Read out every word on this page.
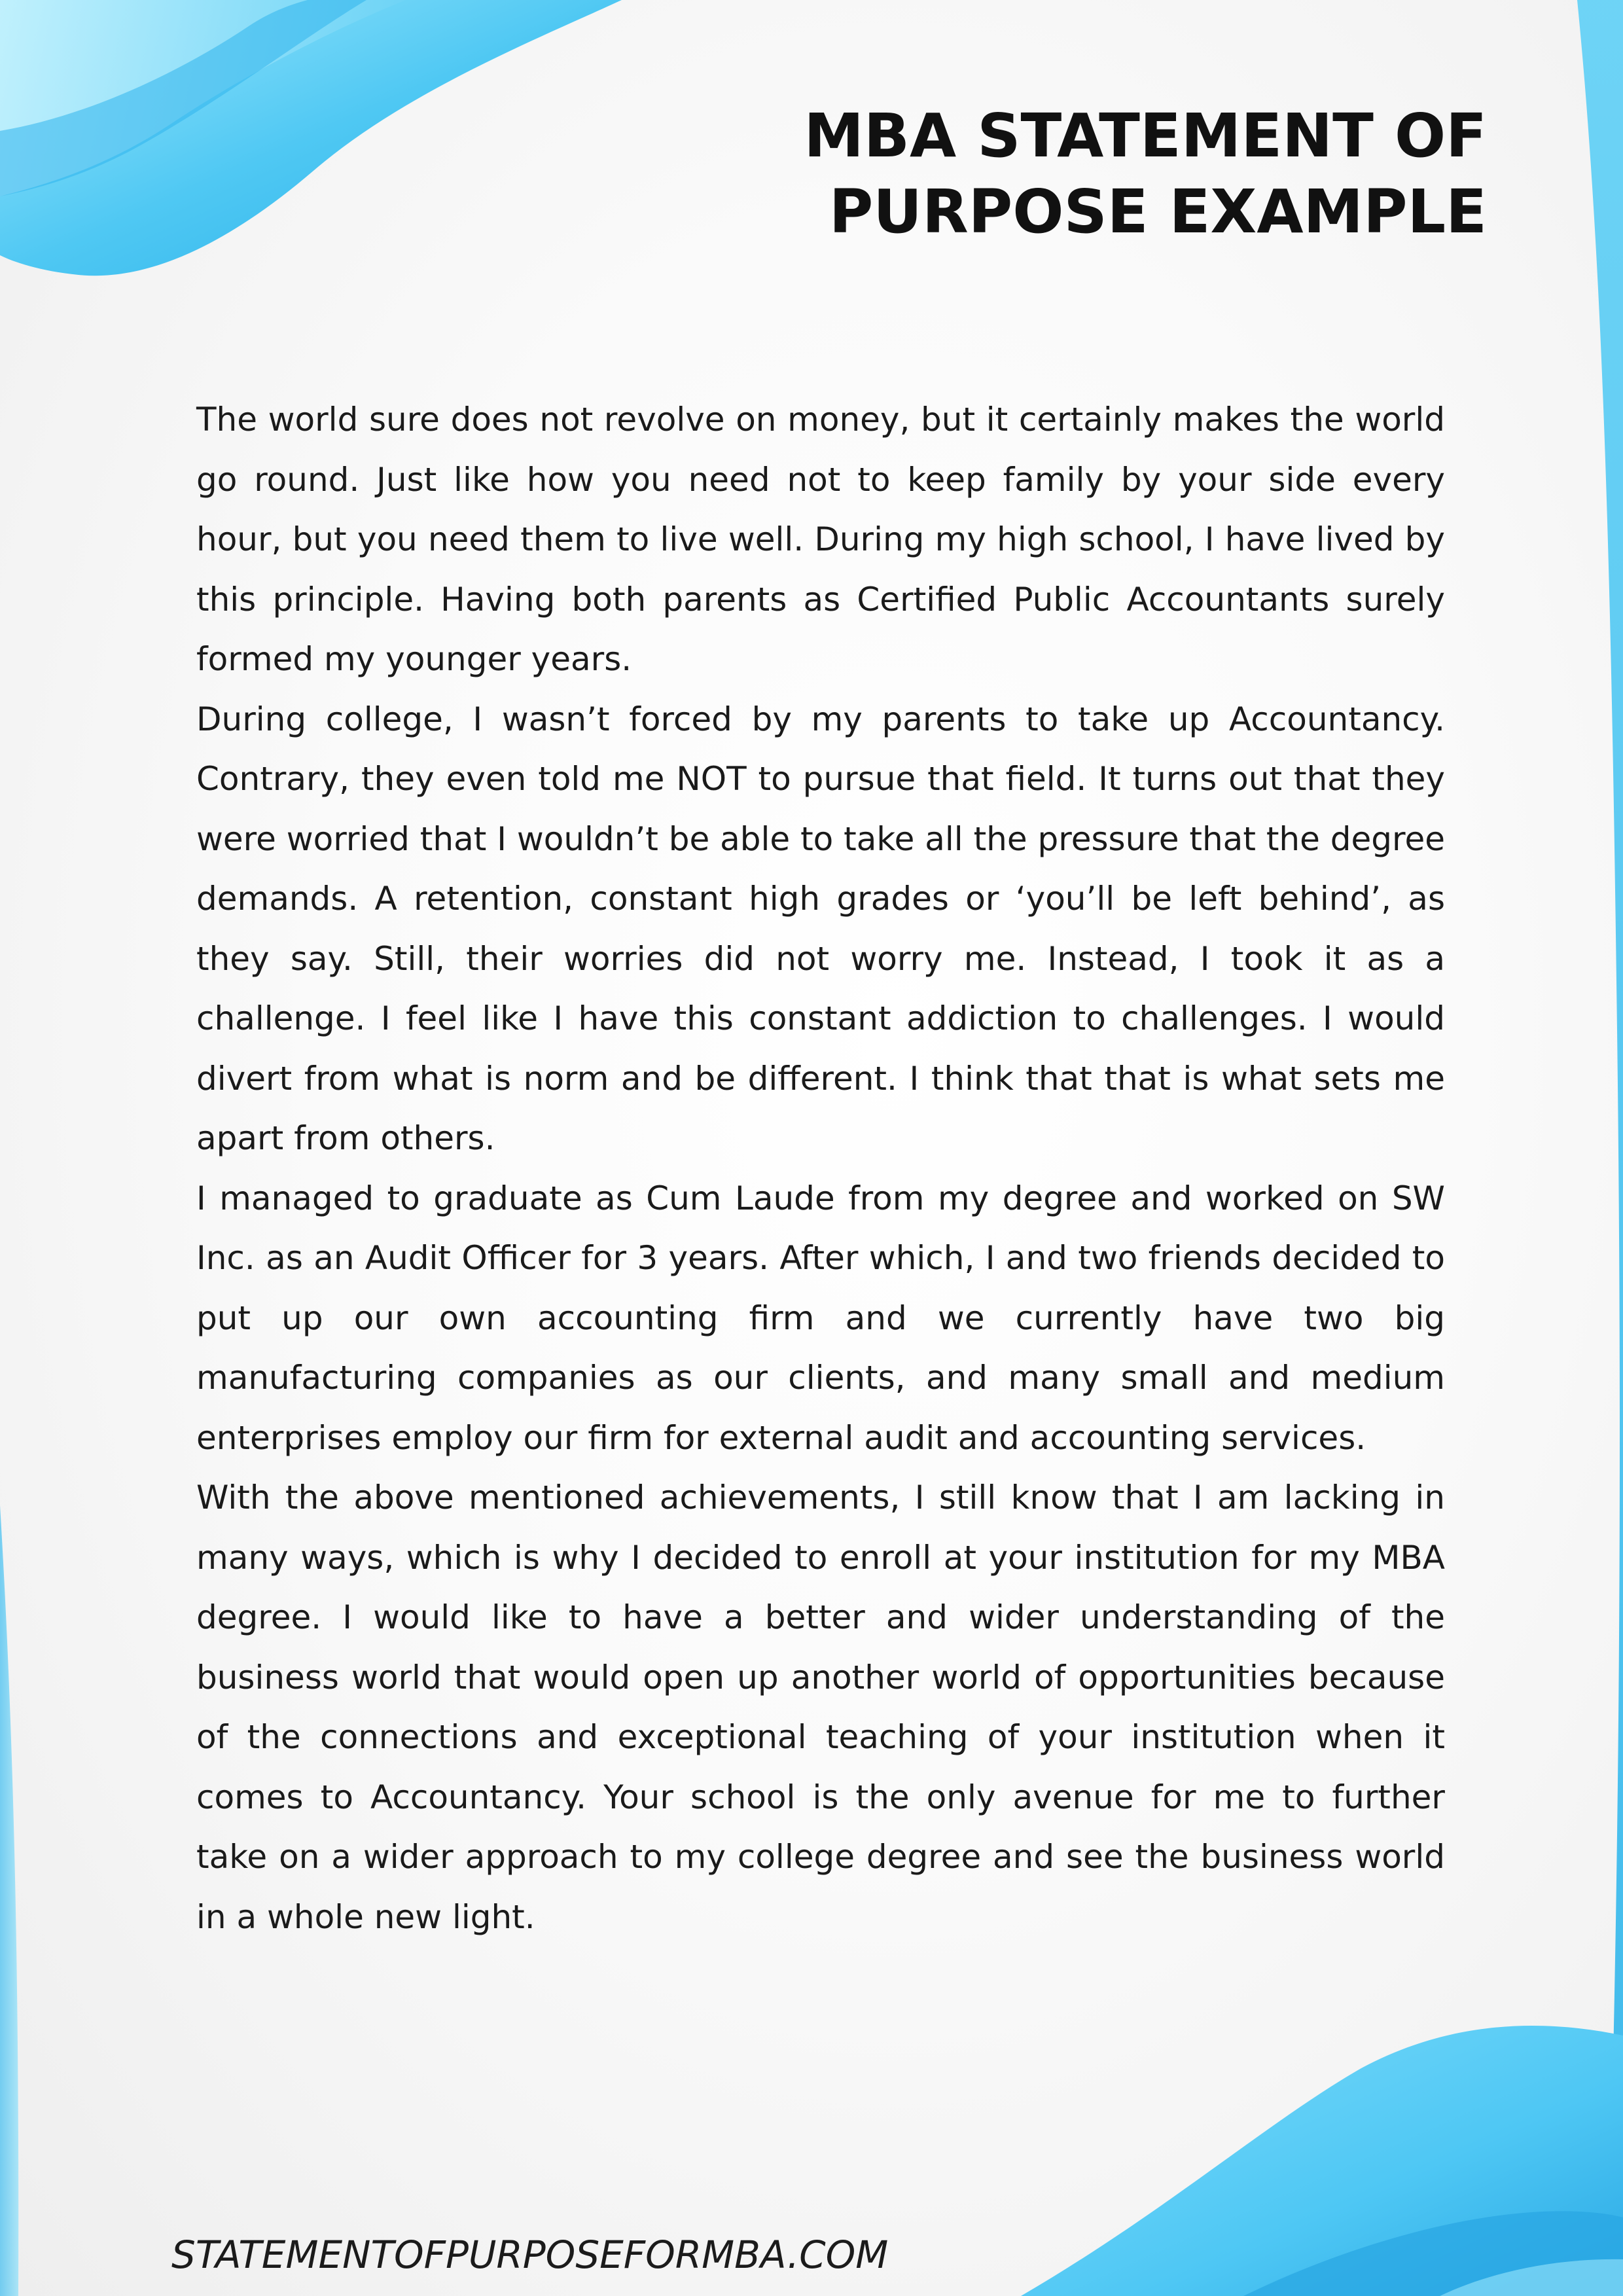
MBA STATEMENT OF
PURPOSE EXAMPLE

The world sure does not revolve on money, but it certainly makes the world go round. Just like how you need not to keep family by your side every hour, but you need them to live well. During my high school, I have lived by this principle. Having both parents as Certified Public Accountants surely formed my younger years.

During college, I wasn’t forced by my parents to take up Accountancy. Contrary, they even told me NOT to pursue that field. It turns out that they were worried that I wouldn’t be able to take all the pressure that the degree demands. A retention, constant high grades or ‘you’ll be left behind’, as they say. Still, their worries did not worry me. Instead, I took it as a challenge. I feel like I have this constant addiction to challenges. I would divert from what is norm and be different. I think that that is what sets me apart from others.

I managed to graduate as Cum Laude from my degree and worked on SW Inc. as an Audit Officer for 3 years. After which, I and two friends decided to put up our own accounting firm and we currently have two big manufacturing companies as our clients, and many small and medium enterprises employ our firm for external audit and accounting services.

With the above mentioned achievements, I still know that I am lacking in many ways, which is why I decided to enroll at your institution for my MBA degree. I would like to have a better and wider understanding of the business world that would open up another world of opportunities because of the connections and exceptional teaching of your institution when it comes to Accountancy. Your school is the only avenue for me to further take on a wider approach to my college degree and see the business world in a whole new light.

STATEMENTOFPURPOSEFORMBA.COM
